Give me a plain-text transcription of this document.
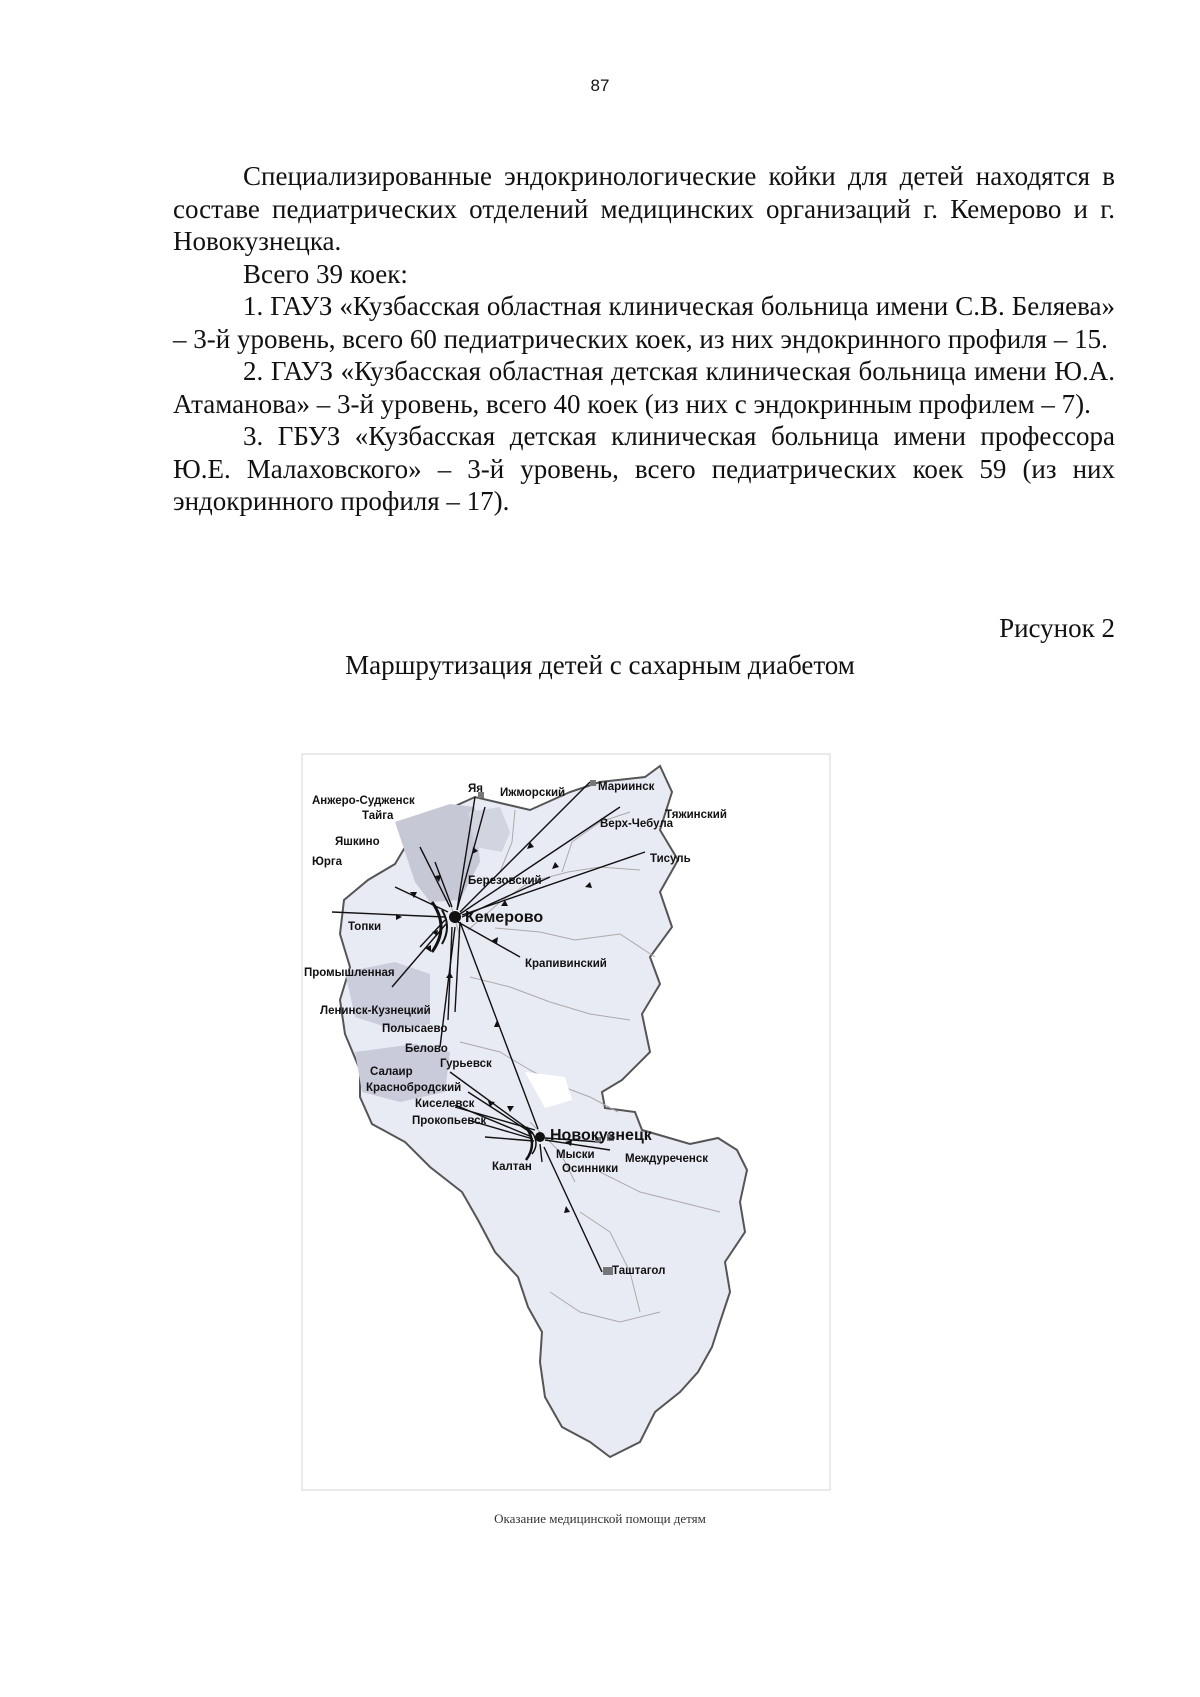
87

Специализированные эндокринологические койки для детей находятся в составе педиатрических отделений медицинских организаций г. Кемерово и г. Новокузнецка.

Всего 39 коек:

1. ГАУЗ «Кузбасская областная клиническая больница имени С.В. Беляева» – 3-й уровень, всего 60 педиатрических коек, из них эндокринного профиля – 15.

2. ГАУЗ «Кузбасская областная детская клиническая больница имени Ю.А. Атаманова» – 3-й уровень, всего 40 коек (из них с эндокринным профилем – 7).

3. ГБУЗ «Кузбасская детская клиническая больница имени профессора Ю.Е. Малаховского» – 3-й уровень, всего педиатрических коек 59 (из них эндокринного профиля – 17).

Рисунок 2
Маршрутизация детей с сахарным диабетом
Кемерово
Новокузнецк
Анжеро-Судженск
Тайга
Яшкино
Юрга
Топки
Промышленная
Ленинск-Кузнецкий
Полысаево
Белово
Гурьевск
Салаир
Краснобродский
Киселевск
Прокопьевск
Калтан
Мыски
Осинники
Междуреченск
Таштагол
Крапивинский
Березовский
Яя Ижморский	Мариинск
Тяжинский
Верх-Чебула
Тисуль
Оказание медицинской помощи детям
